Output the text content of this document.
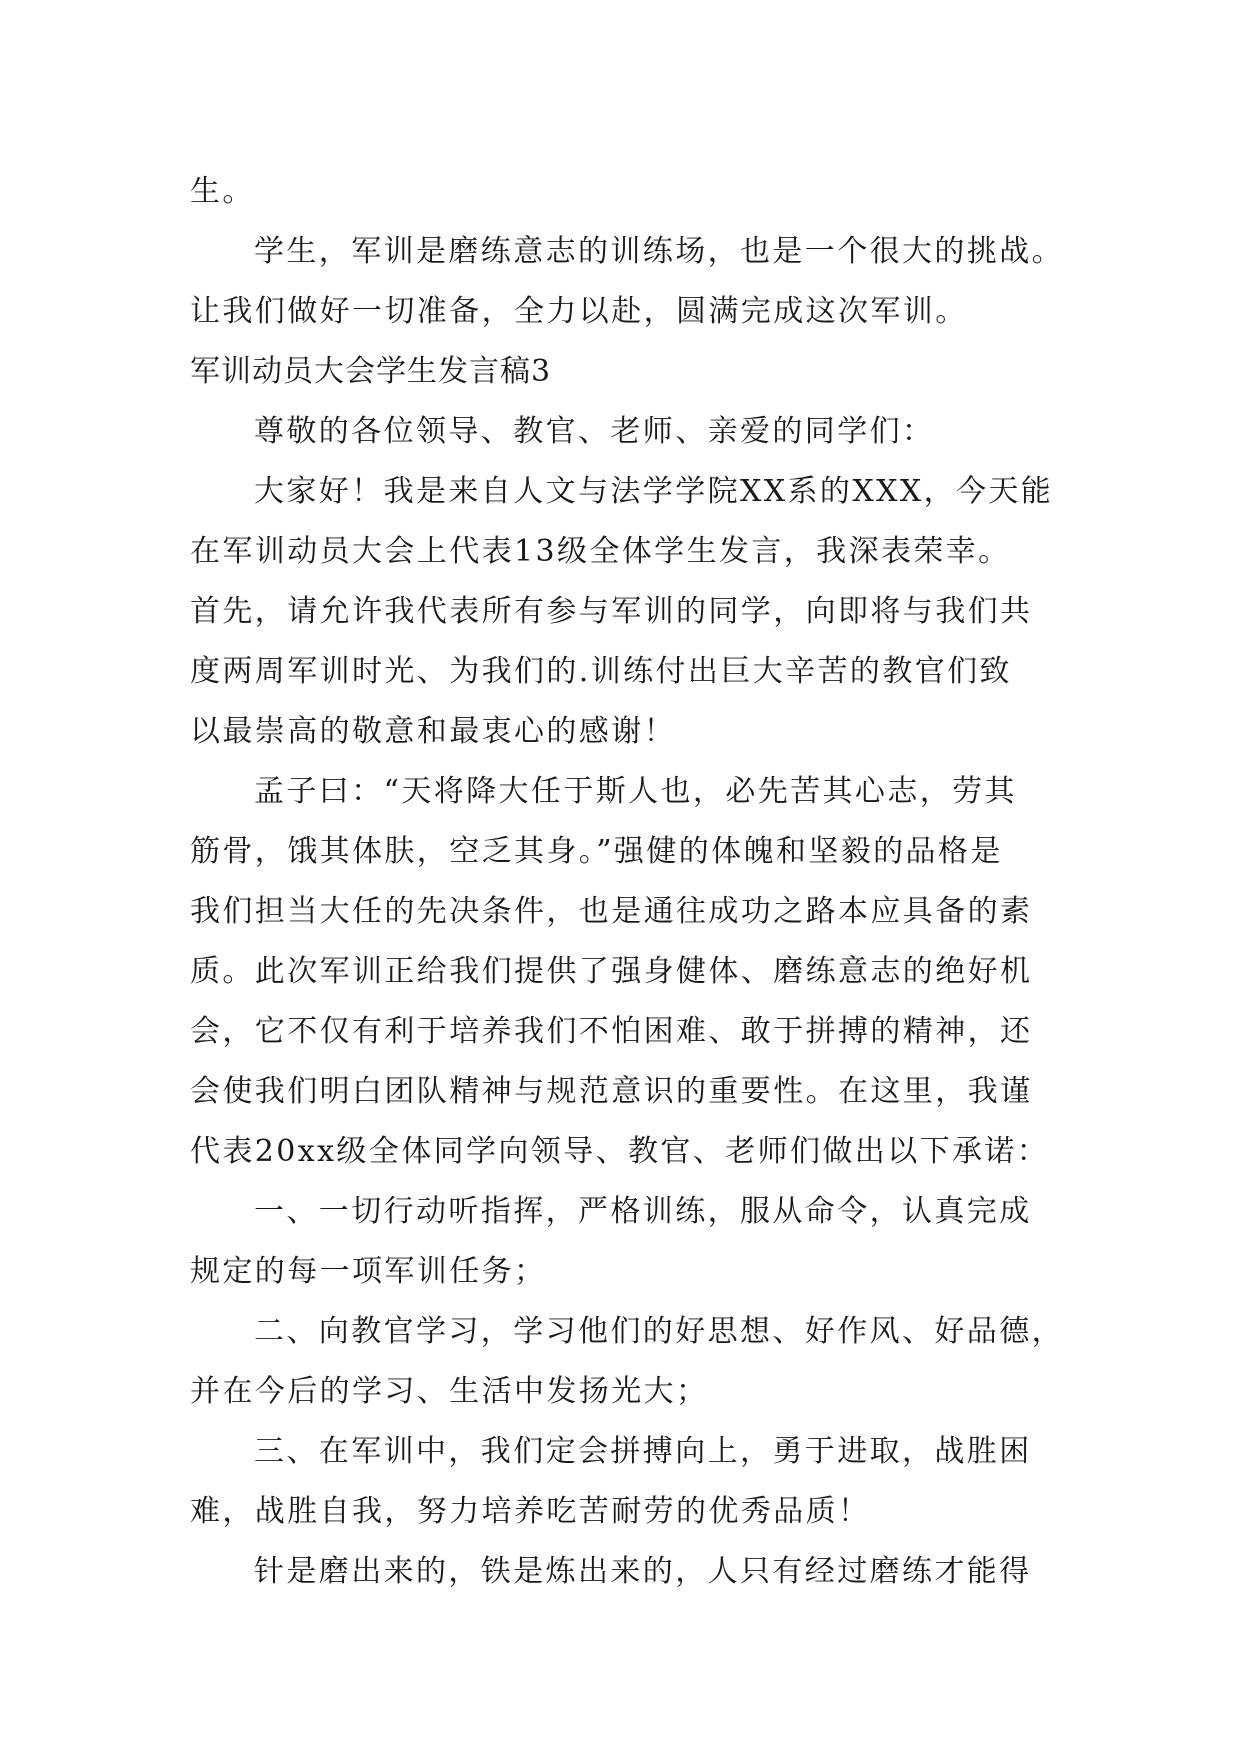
生。
学生，军训是磨练意志的训练场，也是一个很大的挑战。
让我们做好一切准备，全力以赴，圆满完成这次军训。
军训动员大会学生发言稿3
尊敬的各位领导、教官、老师、亲爱的同学们：
大家好！我是来自人文与法学学院XX系的XXX，今天能
在军训动员大会上代表13级全体学生发言，我深表荣幸。
首先，请允许我代表所有参与军训的同学，向即将与我们共
度两周军训时光、为我们的.训练付出巨大辛苦的教官们致
以最崇高的敬意和最衷心的感谢！
孟子曰：“天将降大任于斯人也，必先苦其心志，劳其
筋骨，饿其体肤，空乏其身。”强健的体魄和坚毅的品格是
我们担当大任的先决条件，也是通往成功之路本应具备的素
质。此次军训正给我们提供了强身健体、磨练意志的绝好机
会，它不仅有利于培养我们不怕困难、敢于拼搏的精神，还
会使我们明白团队精神与规范意识的重要性。在这里，我谨
代表20xx级全体同学向领导、教官、老师们做出以下承诺：
一、一切行动听指挥，严格训练，服从命令，认真完成
规定的每一项军训任务；
二、向教官学习，学习他们的好思想、好作风、好品德，
并在今后的学习、生活中发扬光大；
三、在军训中，我们定会拼搏向上，勇于进取，战胜困
难，战胜自我，努力培养吃苦耐劳的优秀品质！
针是磨出来的，铁是炼出来的，人只有经过磨练才能得
